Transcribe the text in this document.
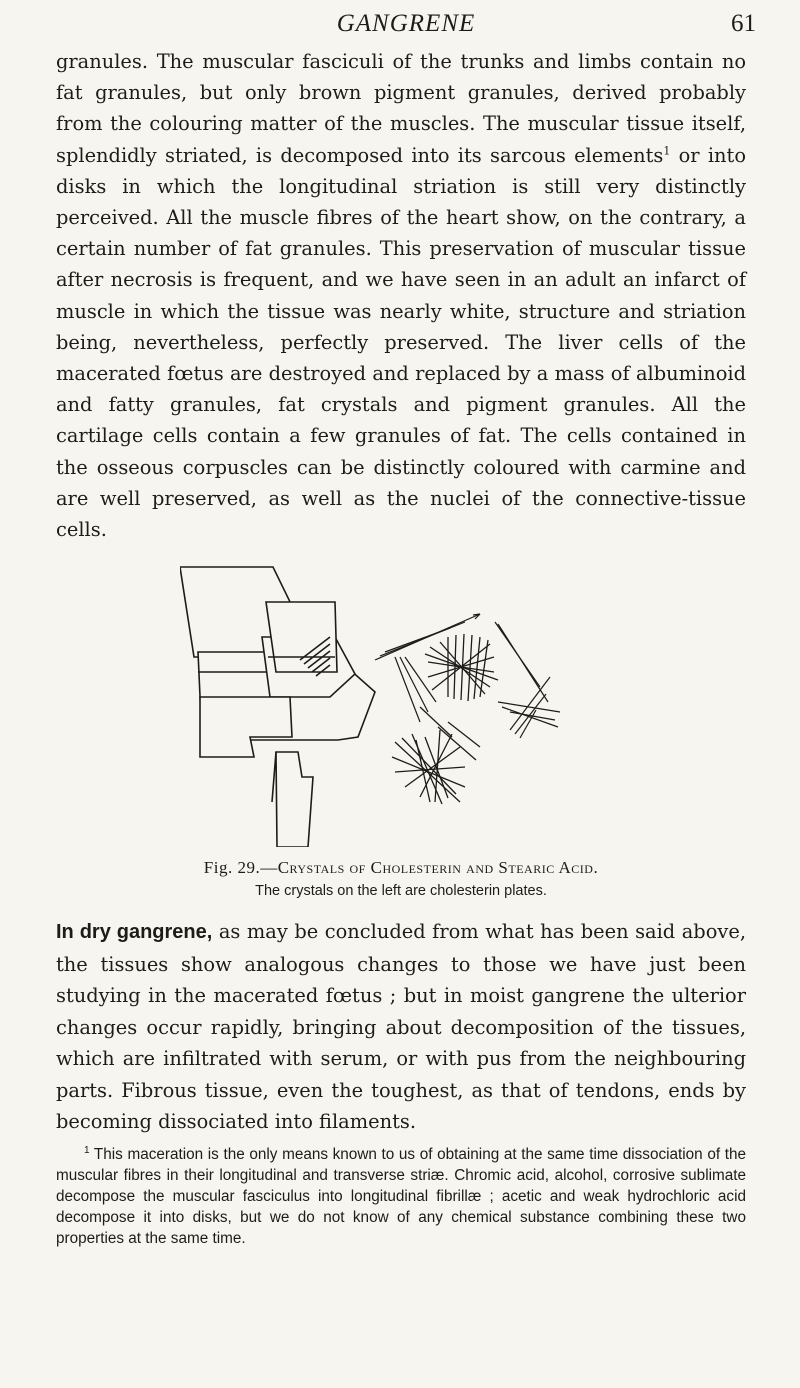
GANGRENE	61

granules. The muscular fasciculi of the trunks and limbs contain no fat granules, but only brown pigment granules, derived probably from the colouring matter of the muscles. The muscular tissue itself, splendidly striated, is decomposed into its sarcous elements$^1$ or into disks in which the longitudinal striation is still very distinctly perceived. All the muscle fibres of the heart show, on the contrary, a certain number of fat granules. This preservation of muscular tissue after necrosis is frequent, and we have seen in an adult an infarct of muscle in which the tissue was nearly white, structure and striation being, nevertheless, perfectly preserved. The liver cells of the macerated fœtus are destroyed and replaced by a mass of albuminoid and fatty granules, fat crystals and pigment granules. All the cartilage cells contain a few granules of fat. The cells contained in the osseous corpuscles can be distinctly coloured with carmine and are well preserved, as well as the nuclei of the connective-tissue cells.

Fig. 29.—Crystals of Cholesterin and Stearic Acid.
The crystals on the left are cholesterin plates.

In dry gangrene, as may be concluded from what has been said above, the tissues show analogous changes to those we have just been studying in the macerated fœtus ; but in moist gangrene the ulterior changes occur rapidly, bringing about decomposition of the tissues, which are infiltrated with serum, or with pus from the neighbouring parts. Fibrous tissue, even the toughest, as that of tendons, ends by becoming dissociated into filaments.

$^1$ This maceration is the only means known to us of obtaining at the same time dissociation of the muscular fibres in their longitudinal and transverse striæ. Chromic acid, alcohol, corrosive sublimate decompose the muscular fasciculus into longitudinal fibrillæ ; acetic and weak hydrochloric acid decompose it into disks, but we do not know of any chemical substance combining these two properties at the same time.
